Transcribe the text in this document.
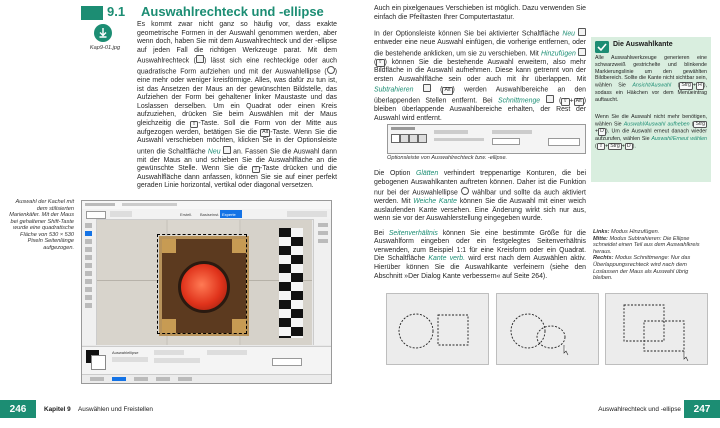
9.1 Auswahlrechteck und -ellipse
Kap9-01.jpg

Es kommt zwar nicht ganz so häufig vor, dass exakte geometrische Formen in der Auswahl genommen werden, aber wenn doch, haben Sie mit dem Auswahlrechteck und der -ellipse auf jeden Fall die richtigen Werkzeuge parat. Mit dem Auswahlrechteck ( ) lässt sich eine rechteckige oder auch quadratische Form aufziehen und mit der Auswahlellipse ( ) eine mehr oder weniger kreisförmige. Alles, was dafür zu tun ist, ist das Ansetzen der Maus an der gewünschten Bildstelle, das Aufziehen der Form bei gehaltener linker Maustaste und das Loslassen derselben. Um ein Quadrat oder einen Kreis aufzuziehen, drücken Sie beim Auswählen mit der Maus gleichzeitig die ⇧ -Taste. Soll die Form von der Mitte aus aufgezogen werden, betätigen Sie die Alt -Taste. Wenn Sie die Auswahl verschieben möchten, klicken Sie in der Optionsleiste unten die Schaltfläche Neu  an. Fassen Sie die Auswahl dann mit der Maus an und schieben Sie die Auswahlfläche an die gewünschte Stelle. Wenn Sie die ⇧ -Taste drücken und die Auswahlfläche dann anfassen, können Sie sie auf einer perfekt geraden Linie horizontal, vertikal oder diagonal versetzen.

Auswahl der Kachel mit dem stilisierten Marienkäfer. Mit der Maus bei gehaltener Shift-Taste wurde eine quadratische Fläche von 530 × 530 Pixeln Seitenlänge aufgezogen.
Erstell. Basiseinst. Experte
Auswahlellipse

Auch ein pixelgenaues Verschieben ist möglich. Dazu verwenden Sie einfach die Pfeiltasten Ihrer Computertastatur.

In der Optionsleiste können Sie bei aktivierter Schaltfläche Neu  entweder eine neue Auswahl einfügen, die vorherige entfernen, oder die bestehende anklicken, um sie zu verschieben. Mit Hinzufügen  ( ⇧ ) können Sie die bestehende Auswahl erweitern, also mehr Bildfläche in die Auswahl aufnehmen. Diese kann getrennt von der ersten Auswahlfläche sein oder auch mit ihr überlappen. Mit Subtrahieren	( Alt ) werden Auswahlbereiche an den überlappenden Stellen entfernt. Bei Schnittmenge  ( ⇧ + Alt ) bleiben überlappende Auswahlbereiche erhalten, der Rest der Auswahl wird entfernt.

Optionsleiste von Auswahlrechteck bzw. -ellipse.

Die Option Glätten verhindert treppenartige Konturen, die bei gebogenen Auswahlkanten auftreten können. Daher ist die Funktion nur bei der Auswahlellipse  wählbar und sollte da auch aktiviert werden. Mit Weiche Kante können Sie die Auswahl mit einer weich auslaufenden Kante versehen. Eine Änderung wirkt sich nur aus, wenn sie vor der Auswahlerstellung eingegeben wurde.

Bei Seitenverhältnis können Sie eine bestimmte Größe für die Auswahlform eingeben oder ein festgelegtes Seitenverhältnis verwenden, zum Beispiel 1:1 für eine Kreisform oder ein Quadrat. Die Schaltfläche Kante verb. wird erst nach dem Auswählen aktiv. Hierüber können Sie die Auswahlkante verfeinern (siehe den Abschnitt »Der Dialog Kante verbessern« auf Seite 264).

Die Auswahlkante
Alle Auswahlwerkzeuge generieren eine schwarzweiß gestrichelte und blinkende Markierungslinie um den gewählten Bildbereich. Sollte die Kante nicht sichtbar sein, wählen Sie Ansicht/Auswahl ( Strg + H ), sodass ein Häkchen vor dem Menüeintrag auftaucht.
Wenn Sie die Auswahl nicht mehr benötigen, wählen Sie Auswahl/Auswahl aufheben ( Strg+ D ). Um die Auswahl erneut danach wieder aufzurufen, wählen Sie Auswahl/Erneut wählen ( ⇧ + Strg + D ).
Links: Modus Hinzufügen.
Mitte: Modus Subtrahieren: Die Ellipse schneidet einen Teil aus dem Auswahlkreis heraus.
Rechts: Modus Schnittmenge: Nur das Überlappungsrechteck wird nach dem Loslassen der Maus als Auswahl übrig bleiben.
246	Kapitel 9 Auswählen und Freistellen	Auswahlrechteck und -ellipse	247
